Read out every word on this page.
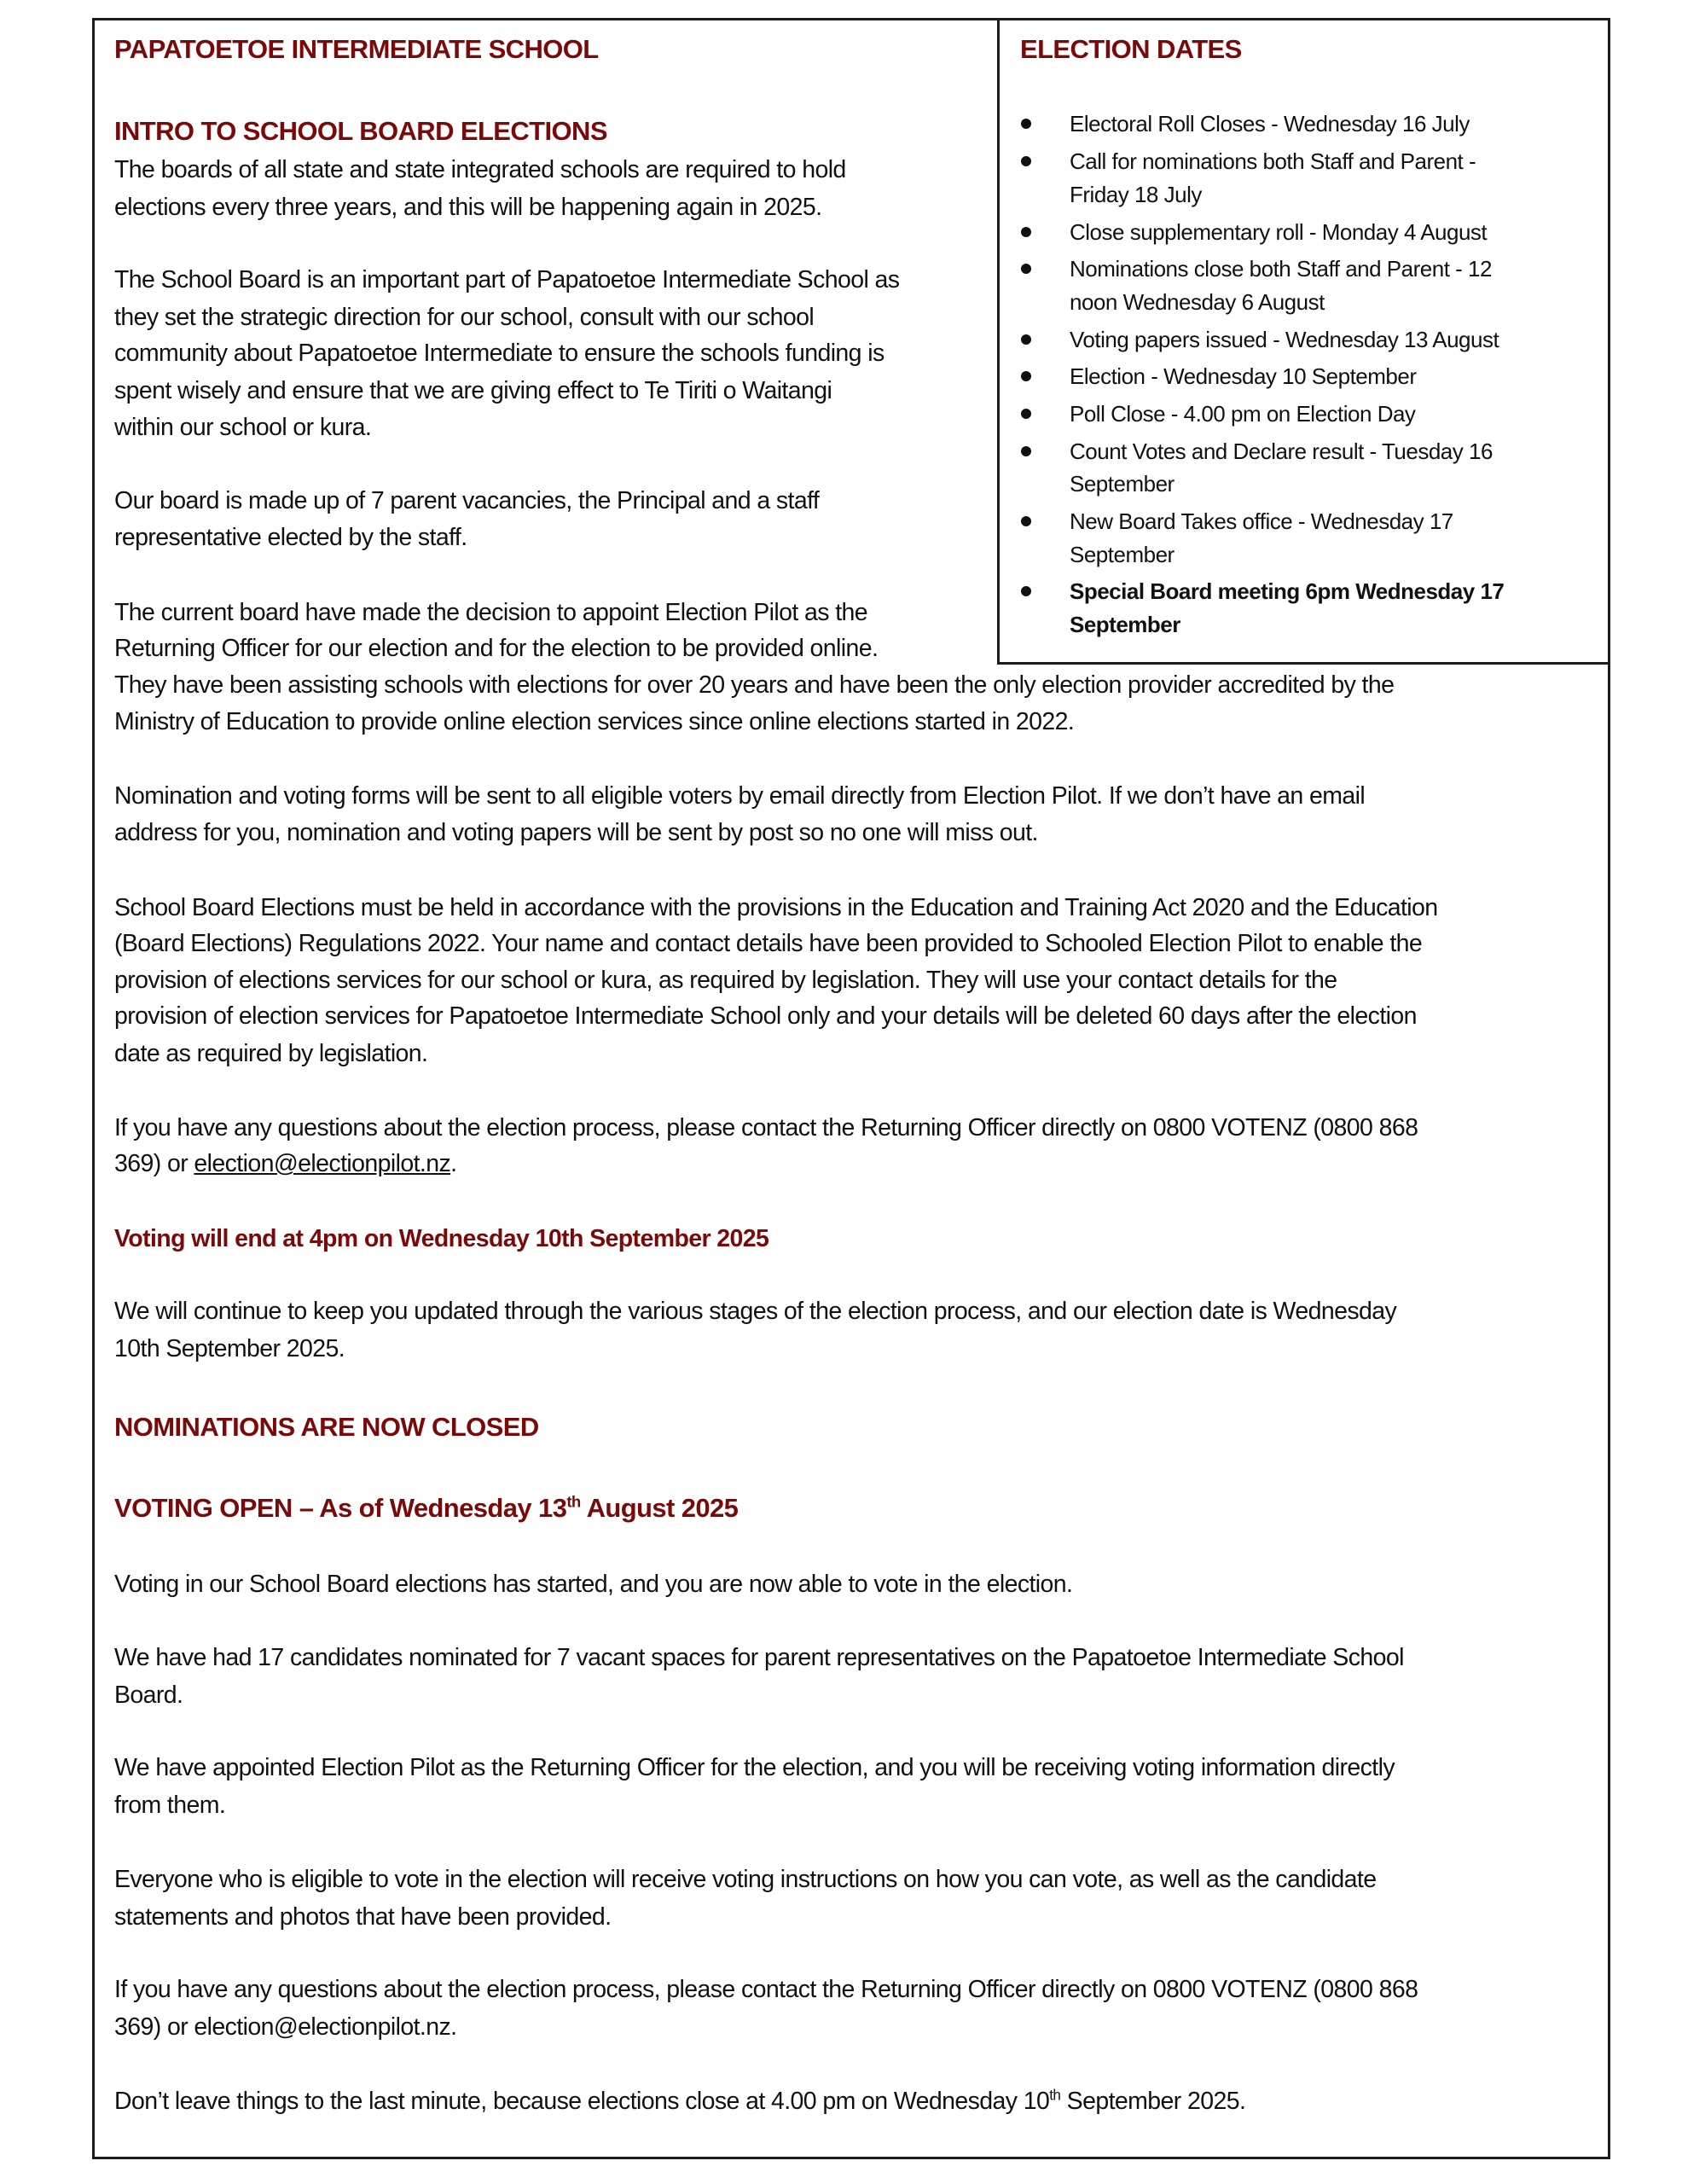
PAPATOETOE INTERMEDIATE SCHOOL
INTRO TO SCHOOL BOARD ELECTIONS
The boards of all state and state integrated schools are required to hold
elections every three years, and this will be happening again in 2025.
The School Board is an important part of Papatoetoe Intermediate School as
they set the strategic direction for our school, consult with our school
community about Papatoetoe Intermediate to ensure the schools funding is
spent wisely and ensure that we are giving effect to Te Tiriti o Waitangi
within our school or kura.
Our board is made up of 7 parent vacancies, the Principal and a staff
representative elected by the staff.
The current board have made the decision to appoint Election Pilot as the
Returning Officer for our election and for the election to be provided online.
They have been assisting schools with elections for over 20 years and have been the only election provider accredited by the
Ministry of Education to provide online election services since online elections started in 2022.
Nomination and voting forms will be sent to all eligible voters by email directly from Election Pilot. If we don’t have an email
address for you, nomination and voting papers will be sent by post so no one will miss out.
School Board Elections must be held in accordance with the provisions in the Education and Training Act 2020 and the Education
(Board Elections) Regulations 2022. Your name and contact details have been provided to Schooled Election Pilot to enable the
provision of elections services for our school or kura, as required by legislation. They will use your contact details for the
provision of election services for Papatoetoe Intermediate School only and your details will be deleted 60 days after the election
date as required by legislation.
If you have any questions about the election process, please contact the Returning Officer directly on 0800 VOTENZ (0800 868
369) or election@electionpilot.nz.
Voting will end at 4pm on Wednesday 10th September 2025
We will continue to keep you updated through the various stages of the election process, and our election date is Wednesday
10th September 2025.
NOMINATIONS ARE NOW CLOSED
VOTING OPEN – As of Wednesday 13th August 2025
Voting in our School Board elections has started, and you are now able to vote in the election.
We have had 17 candidates nominated for 7 vacant spaces for parent representatives on the Papatoetoe Intermediate School
Board.
We have appointed Election Pilot as the Returning Officer for the election, and you will be receiving voting information directly
from them.
Everyone who is eligible to vote in the election will receive voting instructions on how you can vote, as well as the candidate
statements and photos that have been provided.
If you have any questions about the election process, please contact the Returning Officer directly on 0800 VOTENZ (0800 868
369) or election@electionpilot.nz.
Don’t leave things to the last minute, because elections close at 4.00 pm on Wednesday 10th September 2025.
ELECTION DATES
Electoral Roll Closes - Wednesday 16 July
Call for nominations both Staff and Parent -
Friday 18 July
Close supplementary roll - Monday 4 August
Nominations close both Staff and Parent - 12
noon Wednesday 6 August
Voting papers issued - Wednesday 13 August
Election - Wednesday 10 September
Poll Close - 4.00 pm on Election Day
Count Votes and Declare result - Tuesday 16
September
New Board Takes office - Wednesday 17
September
Special Board meeting 6pm Wednesday 17
September
